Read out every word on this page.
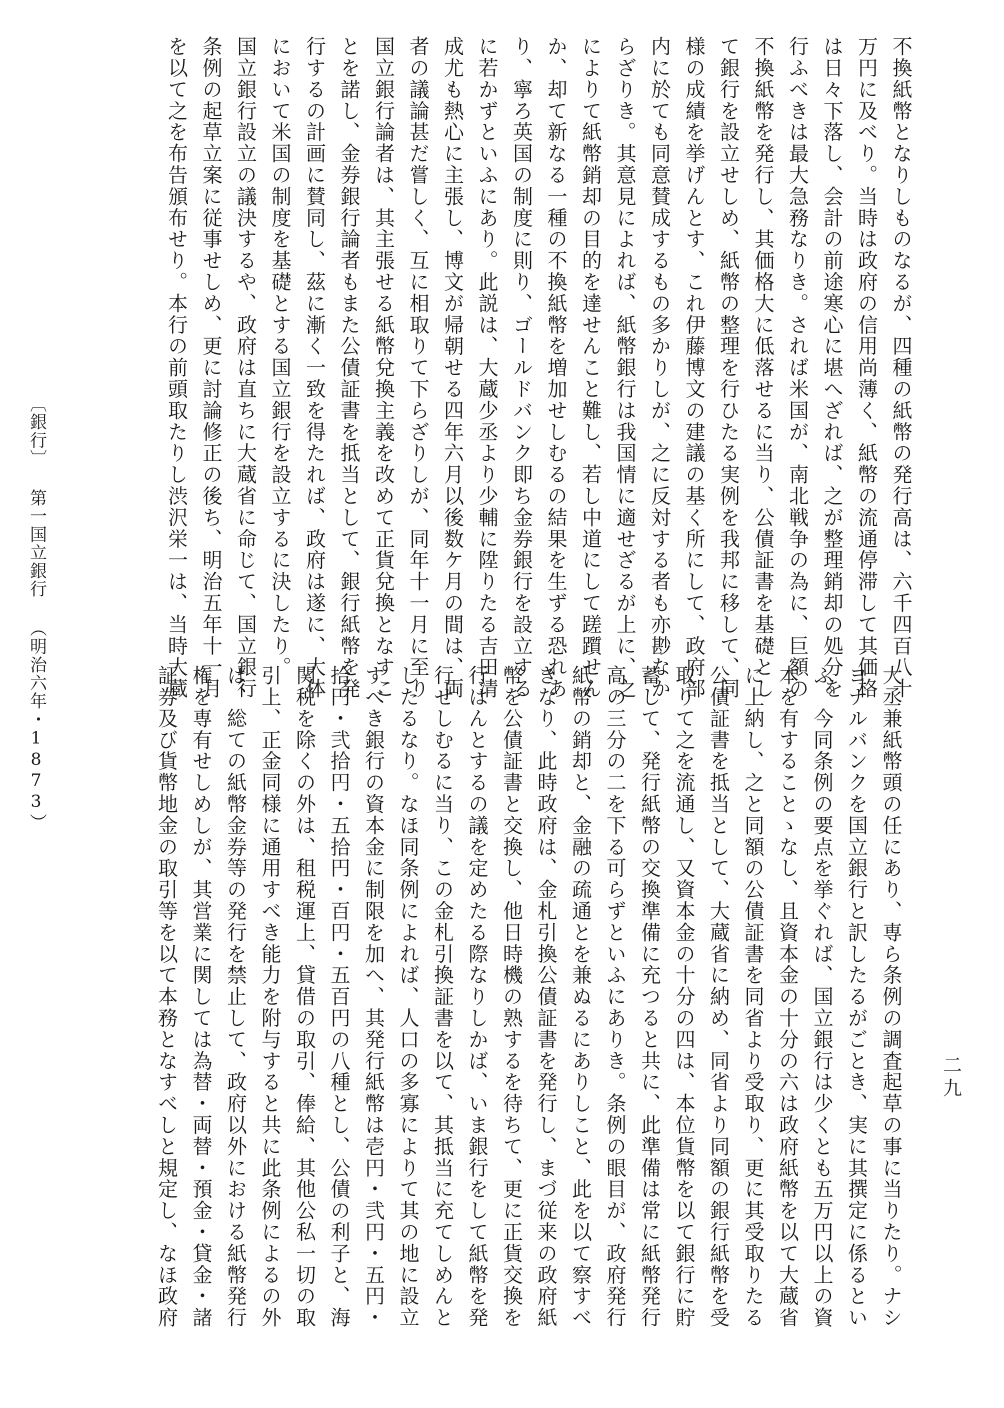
不換紙幣となりしものなるが、四種の紙幣の発行高は、六千四百八十

万円に及べり。当時は政府の信用尚薄く、紙幣の流通停滞して其価格

は日々下落し、会計の前途寒心に堪へざれば、之が整理銷却の処分を

行ふべきは最大急務なりき。されば米国が、南北戦争の為に、巨額の

不換紙幣を発行し、其価格大に低落せるに当り、公債証書を基礎とし

て銀行を設立せしめ、紙幣の整理を行ひたる実例を我邦に移して、同

様の成績を挙げんとす、これ伊藤博文の建議の基く所にして、政府部

内に於ても同意賛成するもの多かりしが、之に反対する者も亦尠なか

らざりき。其意見によれば、紙幣銀行は我国情に適せざるが上に、之

によりて紙幣銷却の目的を達せんこと難し、若し中道にして蹉躓せん

か、却て新なる一種の不換紙幣を増加せしむるの結果を生ずる恐れあ

り、寧ろ英国の制度に則り、ゴールドバンク即ち金券銀行を設立する

に若かずといふにあり。此説は、大蔵少丞より少輔に陞りたる吉田清

成尤も熱心に主張し、博文が帰朝せる四年六月以後数ケ月の間は、両

者の議論甚だ嘗しく、互に相取りて下らざりしが、同年十一月に至り

国立銀行論者は、其主張せる紙幣兌換主義を改めて正貨兌換となすこ

とを諾し、金券銀行論者もまた公債証書を抵当として、銀行紙幣を発

行するの計画に賛同し、茲に漸く一致を得たれば、政府は遂に、大体

において米国の制度を基礎とする国立銀行を設立するに決したり。

国立銀行設立の議決するや、政府は直ちに大蔵省に命じて、国立銀行

条例の起草立案に従事せしめ、更に討論修正の後ち、明治五年十一月

を以て之を布告頒布せり。本行の前頭取たりし渋沢栄一は、当時大蔵

大丞兼紙幣頭の任にあり、専ら条例の調査起草の事に当りたり。ナシ

ヨナルバンクを国立銀行と訳したるがごとき、実に其撰定に係るとい

ふ。今同条例の要点を挙ぐれば、国立銀行は少くとも五万円以上の資

本を有することゝなし、且資本金の十分の六は政府紙幣を以て大蔵省

に上納し、之と同額の公債証書を同省より受取り、更に其受取りたる

公債証書を抵当として、大蔵省に納め、同省より同額の銀行紙幣を受

取りて之を流通し、又資本金の十分の四は、本位貨幣を以て銀行に貯

蓄して、発行紙幣の交換準備に充つると共に、此準備は常に紙幣発行

高の三分の二を下る可らずといふにありき。条例の眼目が、政府発行

紙幣の銷却と、金融の疏通とを兼ぬるにありしこと、此を以て察すべ

きなり、此時政府は、金札引換公債証書を発行し、まづ従来の政府紙

幣を公債証書と交換し、他日時機の熟するを待ちて、更に正貨交換を

行はんとするの議を定めたる際なりしかば、いま銀行をして紙幣を発

行せしむるに当り、この金札引換証書を以て、其抵当に充てしめんと

したるなり。なほ同条例によれば、人口の多寡によりて其の地に設立

すべき銀行の資本金に制限を加へ、其発行紙幣は壱円・弐円・五円・

拾円・弐拾円・五拾円・百円・五百円の八種とし、公債の利子と、海

関税を除くの外は、租税運上、貸借の取引、俸給、其他公私一切の取

引上、正金同様に通用すべき能力を附与すると共に此条例によるの外

は、総ての紙幣金券等の発行を禁止して、政府以外における紙幣発行

権を専有せしめしが、其営業に関しては為替・両替・預金・貸金・諸

証券及び貨幣地金の取引等を以て本務となすべしと規定し、なほ政府

〔銀行〕 第一国立銀行 （明治六年・1873）
二九
